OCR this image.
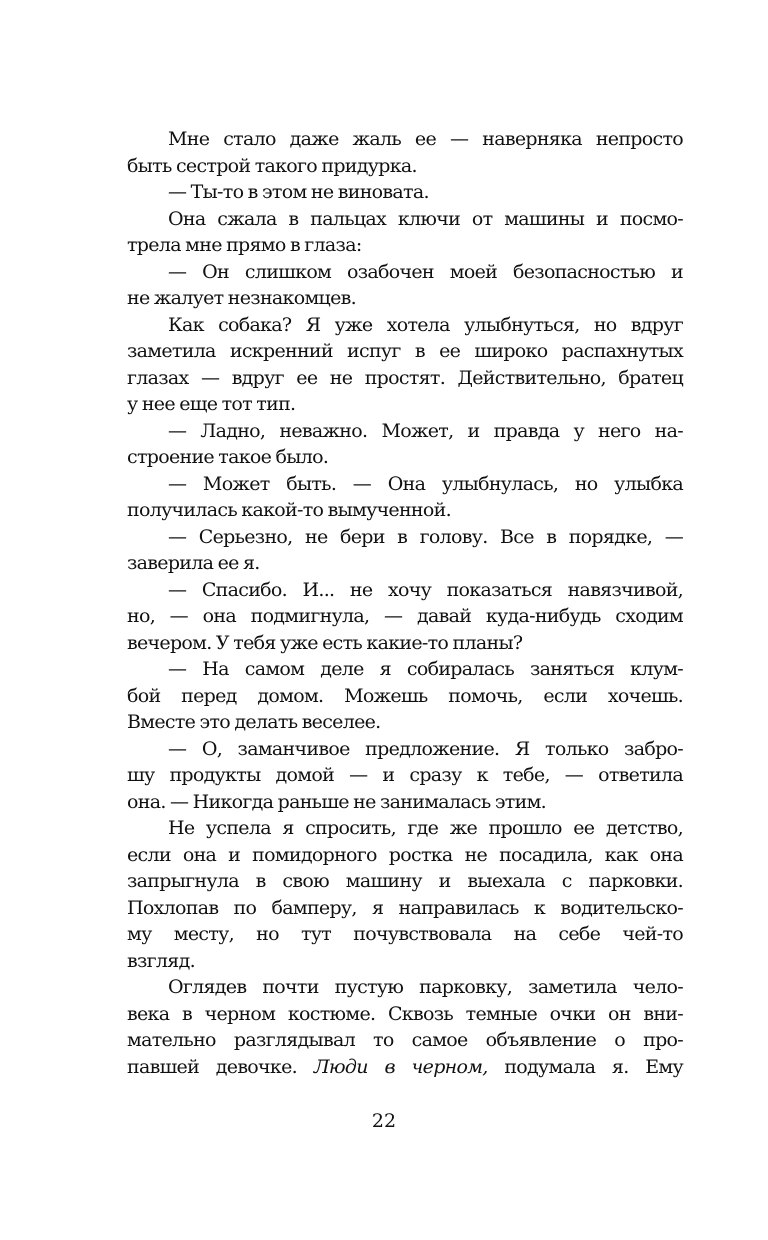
Мне стало даже жаль ее — наверняка непросто
быть сестрой такого придурка.
— Ты-то в этом не виновата.
Она сжала в пальцах ключи от машины и посмо-
трела мне прямо в глаза:
— Он слишком озабочен моей безопасностью и
не жалует незнакомцев.
Как собака? Я уже хотела улыбнуться, но вдруг
заметила искренний испуг в ее широко распахнутых
глазах — вдруг ее не простят. Действительно, братец
у нее еще тот тип.
— Ладно, неважно. Может, и правда у него на-
строение такое было.
— Может быть. — Она улыбнулась, но улыбка
получилась какой-то вымученной.
— Серьезно, не бери в голову. Все в порядке, —
заверила ее я.
— Спасибо. И... не хочу показаться навязчивой,
но, — она подмигнула, — давай куда-нибудь сходим
вечером. У тебя уже есть какие-то планы?
— На самом деле я собиралась заняться клум-
бой перед домом. Можешь помочь, если хочешь.
Вместе это делать веселее.
— О, заманчивое предложение. Я только забро-
шу продукты домой — и сразу к тебе, — ответила
она. — Никогда раньше не занималась этим.
Не успела я спросить, где же прошло ее детство,
если она и помидорного ростка не посадила, как она
запрыгнула в свою машину и выехала с парковки.
Похлопав по бамперу, я направилась к водительско-
му месту, но тут почувствовала на себе чей-то
взгляд.
Оглядев почти пустую парковку, заметила чело-
века в черном костюме. Сквозь темные очки он вни-
мательно разглядывал то самое объявление о про-
павшей девочке. Люди в черном, подумала я. Ему
22
